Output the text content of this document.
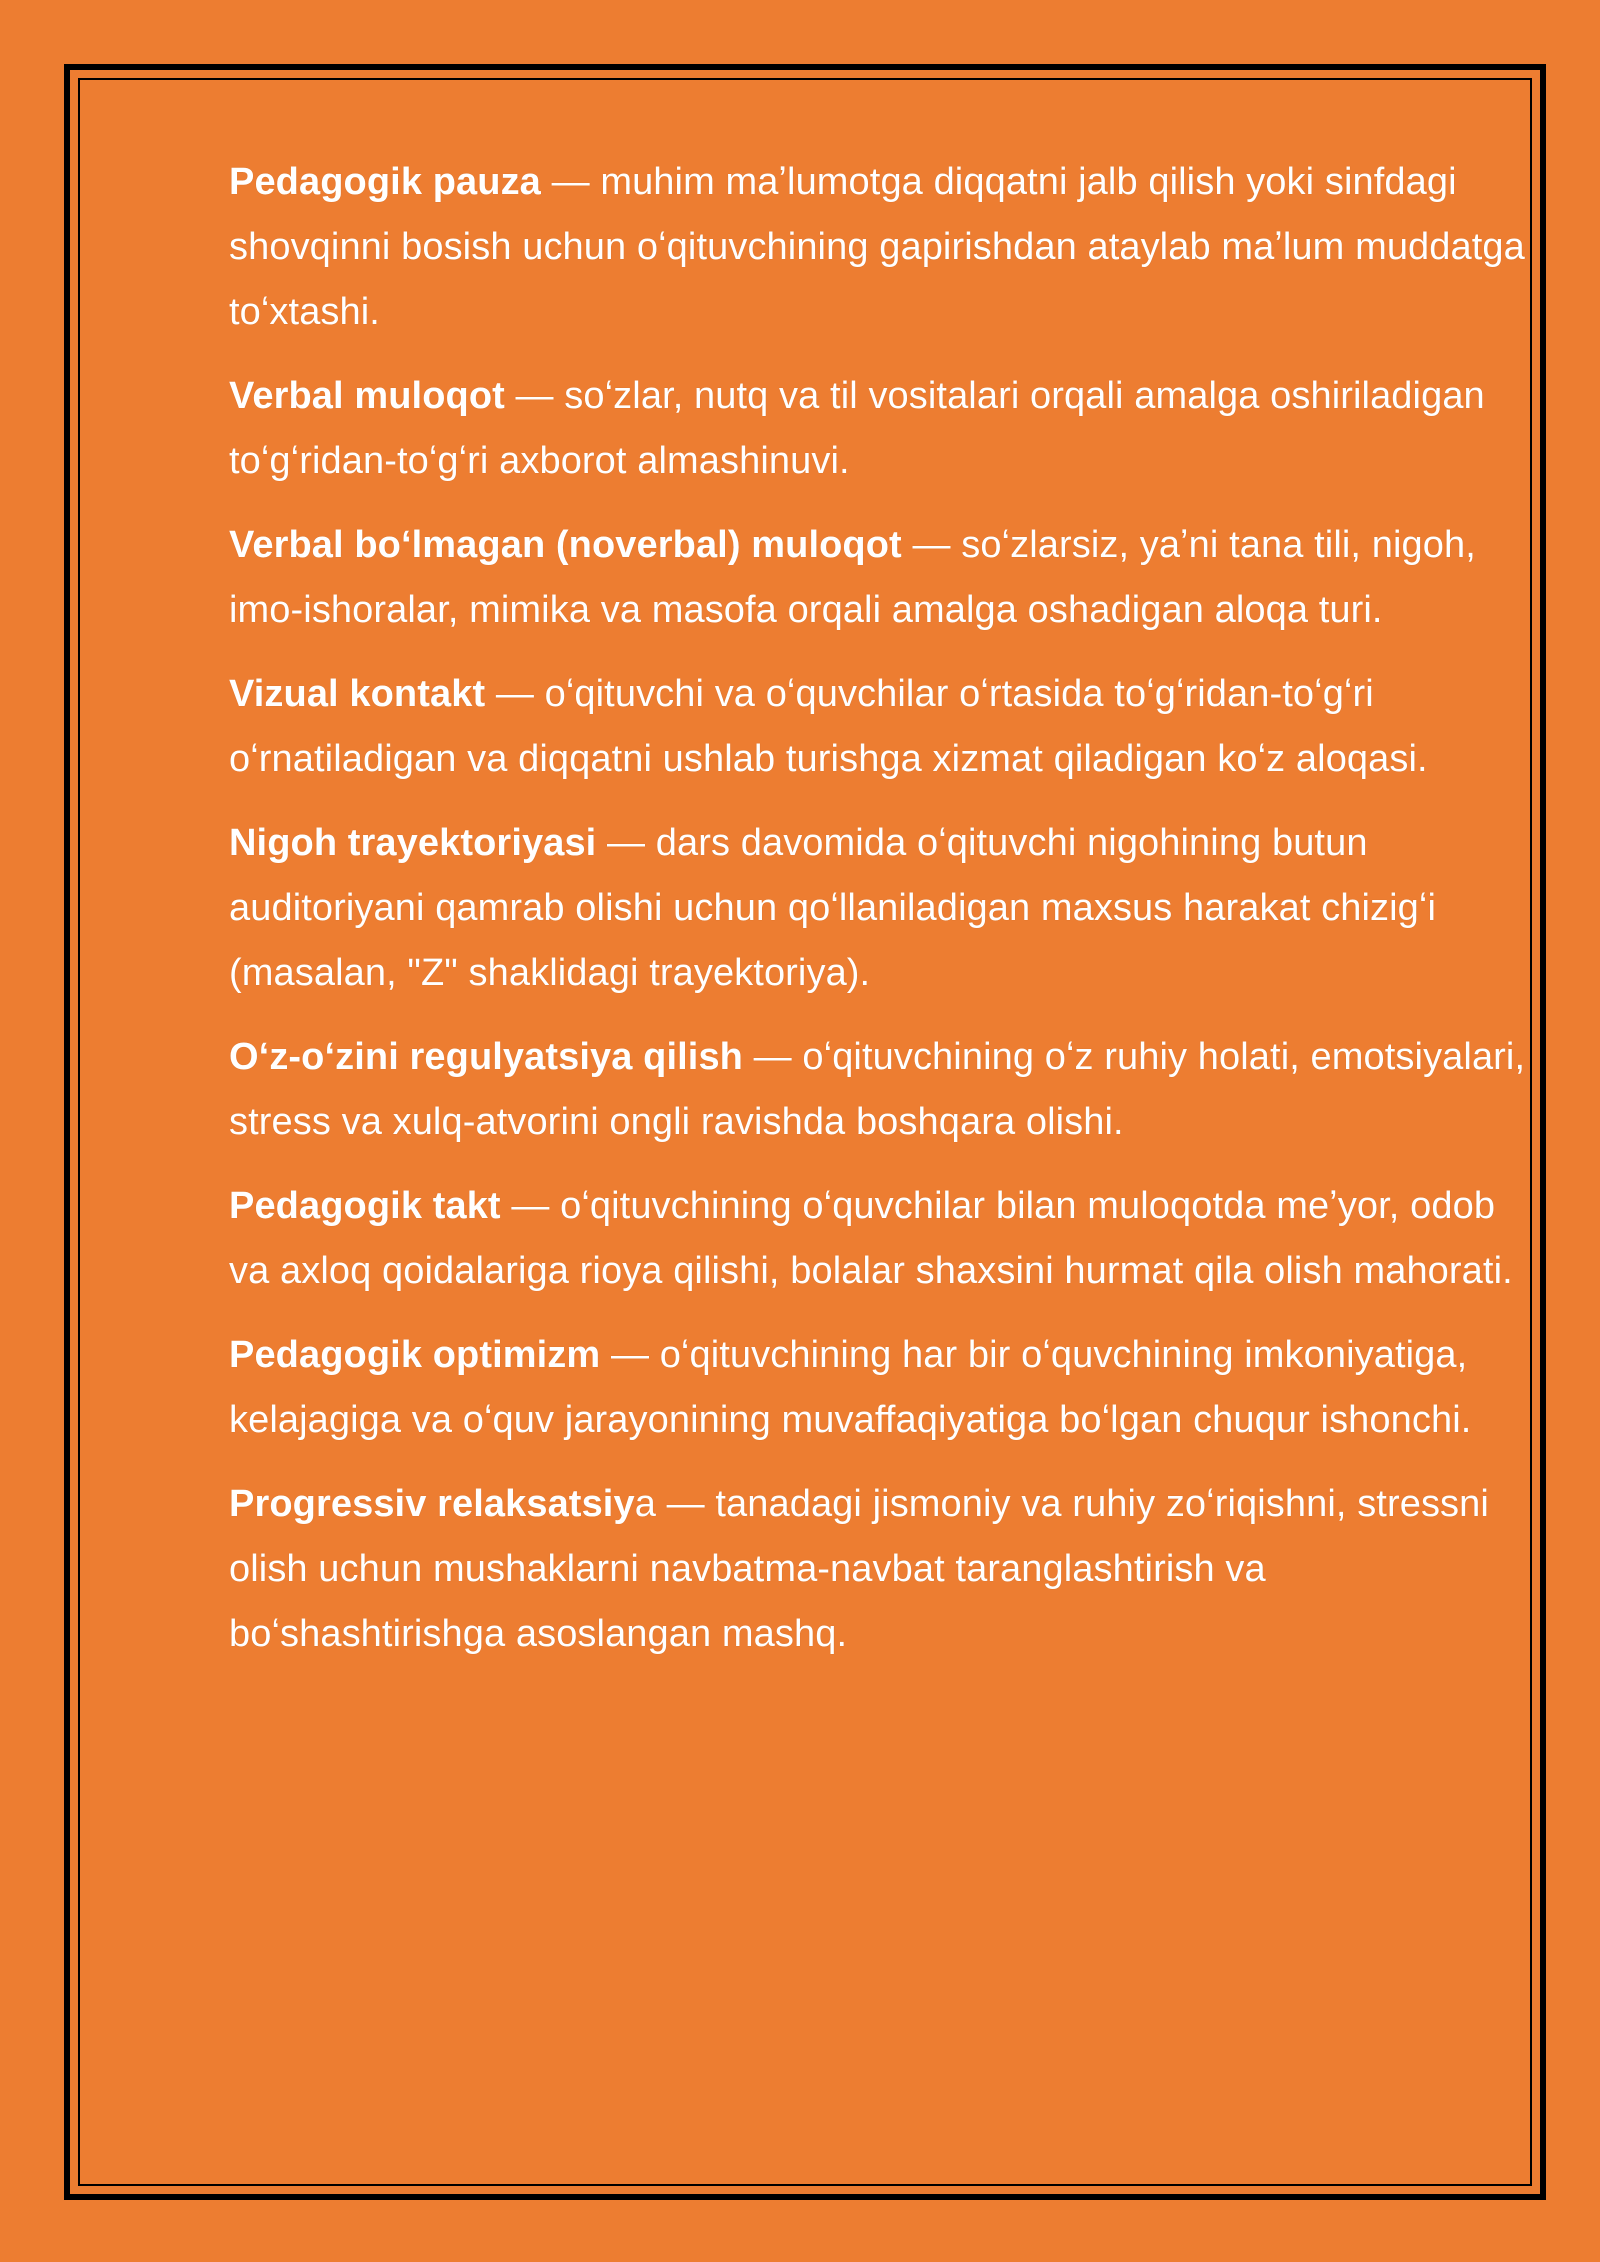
Pedagogik pauza — muhim maʼlumotga diqqatni jalb qilish yoki sinfdagi shovqinni bosish uchun oʻqituvchining gapirishdan ataylab maʼlum muddatga toʻxtashi.

Verbal muloqot — soʻzlar, nutq va til vositalari orqali amalga oshiriladigan toʻgʻridan-toʻgʻri axborot almashinuvi.

Verbal boʻlmagan (noverbal) muloqot — soʻzlarsiz, yaʼni tana tili, nigoh, imo-ishoralar, mimika va masofa orqali amalga oshadigan aloqa turi.

Vizual kontakt — oʻqituvchi va oʻquvchilar oʻrtasida toʻgʻridan-toʻgʻri oʻrnatiladigan va diqqatni ushlab turishga xizmat qiladigan koʻz aloqasi.

Nigoh trayektoriyasi — dars davomida oʻqituvchi nigohining butun auditoriyani qamrab olishi uchun qoʻllaniladigan maxsus harakat chizigʻi (masalan, "Z" shaklidagi trayektoriya).

Oʻz-oʻzini regulyatsiya qilish — oʻqituvchining oʻz ruhiy holati, emotsiyalari, stress va xulq-atvorini ongli ravishda boshqara olishi.

Pedagogik takt — oʻqituvchining oʻquvchilar bilan muloqotda meʼyor, odob va axloq qoidalariga rioya qilishi, bolalar shaxsini hurmat qila olish mahorati.

Pedagogik optimizm — oʻqituvchining har bir oʻquvchining imkoniyatiga, kelajagiga va oʻquv jarayonining muvaffaqiyatiga boʻlgan chuqur ishonchi.

Progressiv relaksatsiya — tanadagi jismoniy va ruhiy zoʻriqishni, stressni olish uchun mushaklarni navbatma-navbat taranglashtirish va boʻshashtirishga asoslangan mashq.
